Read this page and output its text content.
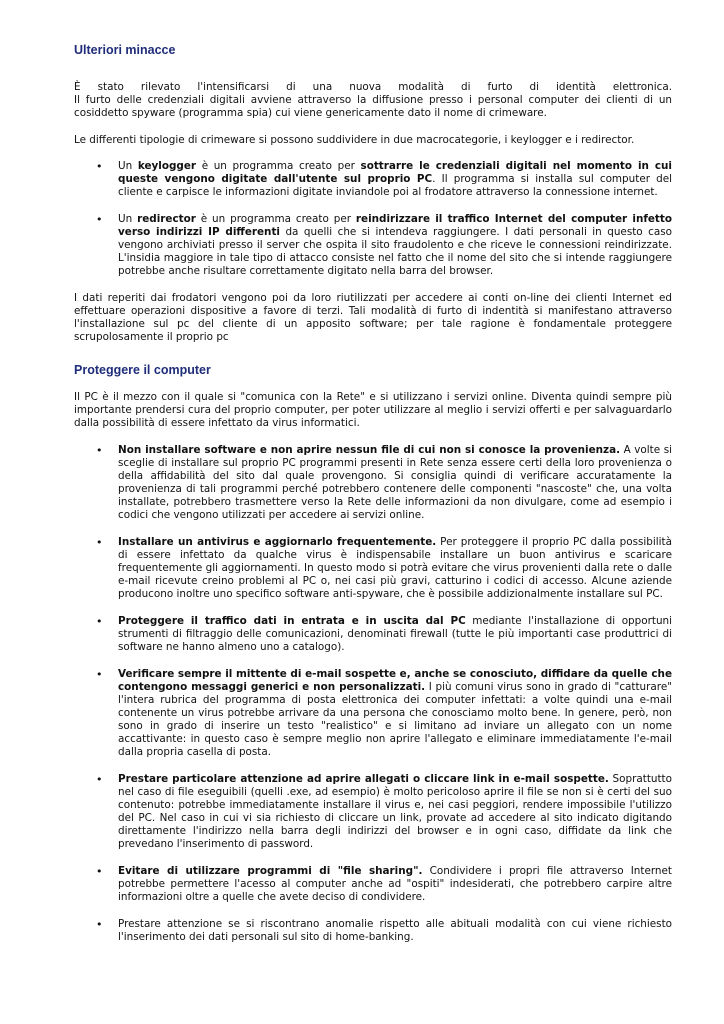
Ulteriori minacce

È stato rilevato l'intensificarsi di una nuova modalità di furto di identità elettronica.

Il furto delle credenziali digitali avviene attraverso la diffusione presso i personal computer dei clienti di un cosiddetto spyware (programma spia) cui viene genericamente dato il nome di crimeware.

Le differenti tipologie di crimeware si possono suddividere in due macrocategorie, i keylogger e i redirector.

• Un keylogger è un programma creato per sottrarre le credenziali digitali nel momento in cui queste vengono digitate dall'utente sul proprio PC. Il programma si installa sul computer del cliente e carpisce le informazioni digitate inviandole poi al frodatore attraverso la connessione internet.
• Un redirector è un programma creato per reindirizzare il traffico Internet del computer infetto verso indirizzi IP differenti da quelli che si intendeva raggiungere. I dati personali in questo caso vengono archiviati presso il server che ospita il sito fraudolento e che riceve le connessioni reindirizzate. L'insidia maggiore in tale tipo di attacco consiste nel fatto che il nome del sito che si intende raggiungere potrebbe anche risultare correttamente digitato nella barra del browser.

I dati reperiti dai frodatori vengono poi da loro riutilizzati per accedere ai conti on-line dei clienti Internet ed effettuare operazioni dispositive a favore di terzi. Tali modalità di furto di indentità si manifestano attraverso l'installazione sul pc del cliente di un apposito software; per tale ragione è fondamentale proteggere scrupolosamente il proprio pc

Proteggere il computer

Il PC è il mezzo con il quale si "comunica con la Rete" e si utilizzano i servizi online. Diventa quindi sempre più importante prendersi cura del proprio computer, per poter utilizzare al meglio i servizi offerti e per salvaguardarlo dalla possibilità di essere infettato da virus informatici.

• Non installare software e non aprire nessun file di cui non si conosce la provenienza. A volte si sceglie di installare sul proprio PC programmi presenti in Rete senza essere certi della loro provenienza o della affidabilità del sito dal quale provengono. Si consiglia quindi di verificare accuratamente la provenienza di tali programmi perché potrebbero contenere delle componenti "nascoste" che, una volta installate, potrebbero trasmettere verso la Rete delle informazioni da non divulgare, come ad esempio i codici che vengono utilizzati per accedere ai servizi online.
• Installare un antivirus e aggiornarlo frequentemente. Per proteggere il proprio PC dalla possibilità di essere infettato da qualche virus è indispensabile installare un buon antivirus e scaricare frequentemente gli aggiornamenti. In questo modo si potrà evitare che virus provenienti dalla rete o dalle e-mail ricevute creino problemi al PC o, nei casi più gravi, catturino i codici di accesso. Alcune aziende producono inoltre uno specifico software anti-spyware, che è possibile addizionalmente installare sul PC.
• Proteggere il traffico dati in entrata e in uscita dal PC mediante l'installazione di opportuni strumenti di filtraggio delle comunicazioni, denominati firewall (tutte le più importanti case produttrici di software ne hanno almeno uno a catalogo).
• Verificare sempre il mittente di e-mail sospette e, anche se conosciuto, diffidare da quelle che contengono messaggi generici e non personalizzati. I più comuni virus sono in grado di "catturare" l'intera rubrica del programma di posta elettronica dei computer infettati: a volte quindi una e-mail contenente un virus potrebbe arrivare da una persona che conosciamo molto bene. In genere, però, non sono in grado di inserire un testo "realistico" e si limitano ad inviare un allegato con un nome accattivante: in questo caso è sempre meglio non aprire l'allegato e eliminare immediatamente l'e-mail dalla propria casella di posta.
• Prestare particolare attenzione ad aprire allegati o cliccare link in e-mail sospette. Soprattutto nel caso di file eseguibili (quelli .exe, ad esempio) è molto pericoloso aprire il file se non si è certi del suo contenuto: potrebbe immediatamente installare il virus e, nei casi peggiori, rendere impossibile l'utilizzo del PC. Nel caso in cui vi sia richiesto di cliccare un link, provate ad accedere al sito indicato digitando direttamente l'indirizzo nella barra degli indirizzi del browser e in ogni caso, diffidate da link che prevedano l'inserimento di password.
• Evitare di utilizzare programmi di "file sharing". Condividere i propri file attraverso Internet potrebbe permettere l'acesso al computer anche ad "ospiti" indesiderati, che potrebbero carpire altre informazioni oltre a quelle che avete deciso di condividere.
• Prestare attenzione se si riscontrano anomalie rispetto alle abituali modalità con cui viene richiesto l'inserimento dei dati personali sul sito di home-banking.
